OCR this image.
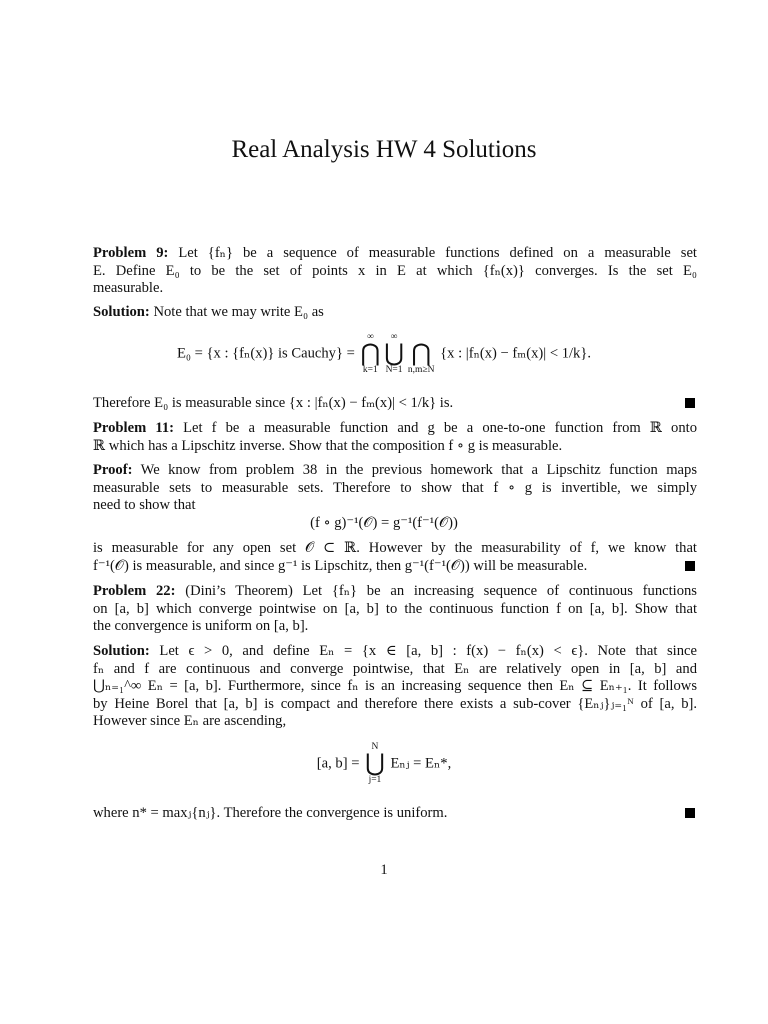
Real Analysis HW 4 Solutions
Problem 9: Let {fₙ} be a sequence of measurable functions defined on a measurable set
E. Define E₀ to be the set of points x in E at which {fₙ(x)} converges. Is the set E₀
measurable.
Solution: Note that we may write E₀ as
E₀ = {x : {fₙ(x)} is Cauchy} =
∞
⋂
k=1
∞
⋃
N=1
⋂
n,m≥N
{x : |fₙ(x) − fₘ(x)| < 1/k}.
Therefore E₀ is measurable since {x : |fₙ(x) − fₘ(x)| < 1/k} is.
Problem 11: Let f be a measurable function and g be a one-to-one function from ℝ onto
ℝ which has a Lipschitz inverse. Show that the composition f ∘ g is measurable.
Proof: We know from problem 38 in the previous homework that a Lipschitz function maps
measurable sets to measurable sets. Therefore to show that f ∘ g is invertible, we simply
need to show that
(f ∘ g)⁻¹(𝒪) = g⁻¹(f⁻¹(𝒪))
is measurable for any open set 𝒪 ⊂ ℝ. However by the measurability of f, we know that
f⁻¹(𝒪) is measurable, and since g⁻¹ is Lipschitz, then g⁻¹(f⁻¹(𝒪)) will be measurable.
Problem 22: (Dini’s Theorem) Let {fₙ} be an increasing sequence of continuous functions
on [a, b] which converge pointwise on [a, b] to the continuous function f on [a, b]. Show that
the convergence is uniform on [a, b].
Solution: Let ϵ > 0, and define Eₙ = {x ∈ [a, b] : f(x) − fₙ(x) < ϵ}. Note that since
fₙ and f are continuous and converge pointwise, that Eₙ are relatively open in [a, b] and
⋃ₙ₌₁^∞ Eₙ = [a, b]. Furthermore, since fₙ is an increasing sequence then Eₙ ⊆ Eₙ₊₁. It follows
by Heine Borel that [a, b] is compact and therefore there exists a sub-cover {Eₙⱼ}ⱼ₌₁ᴺ of [a, b].
However since Eₙ are ascending,
[a, b] =
N
⋃
j=1
Eₙⱼ = Eₙ*,
where n* = maxⱼ{nⱼ}. Therefore the convergence is uniform.
1
